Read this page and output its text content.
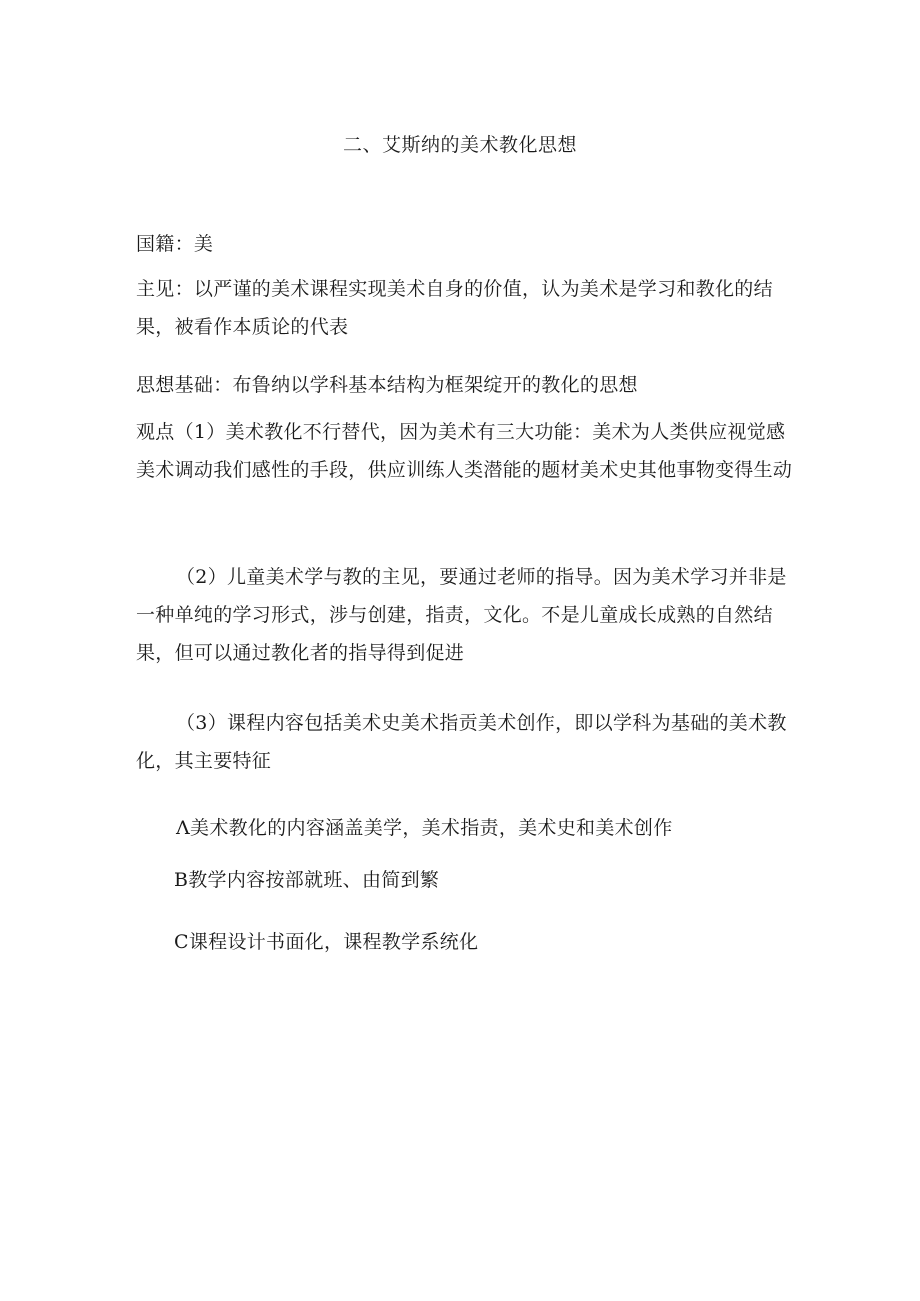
二、艾斯纳的美术教化思想

国籍：美

主见：以严谨的美术课程实现美术自身的价值，认为美术是学习和教化的结果，被看作本质论的代表

思想基础：布鲁纳以学科基本结构为框架绽开的教化的思想

观点（1）美术教化不行替代，因为美术有三大功能：美术为人类供应视觉感美术调动我们感性的手段，供应训练人类潜能的题材美术史其他事物变得生动

（2）儿童美术学与教的主见，要通过老师的指导。因为美术学习并非是一种单纯的学习形式，涉与创建，指责，文化。不是儿童成长成熟的自然结果，但可以通过教化者的指导得到促进

（3）课程内容包括美术史美术指贡美术创作，即以学科为基础的美术教化，其主要特征

Λ美术教化的内容涵盖美学，美术指责，美术史和美术创作
B教学内容按部就班、由简到繁
C课程设计书面化，课程教学系统化
